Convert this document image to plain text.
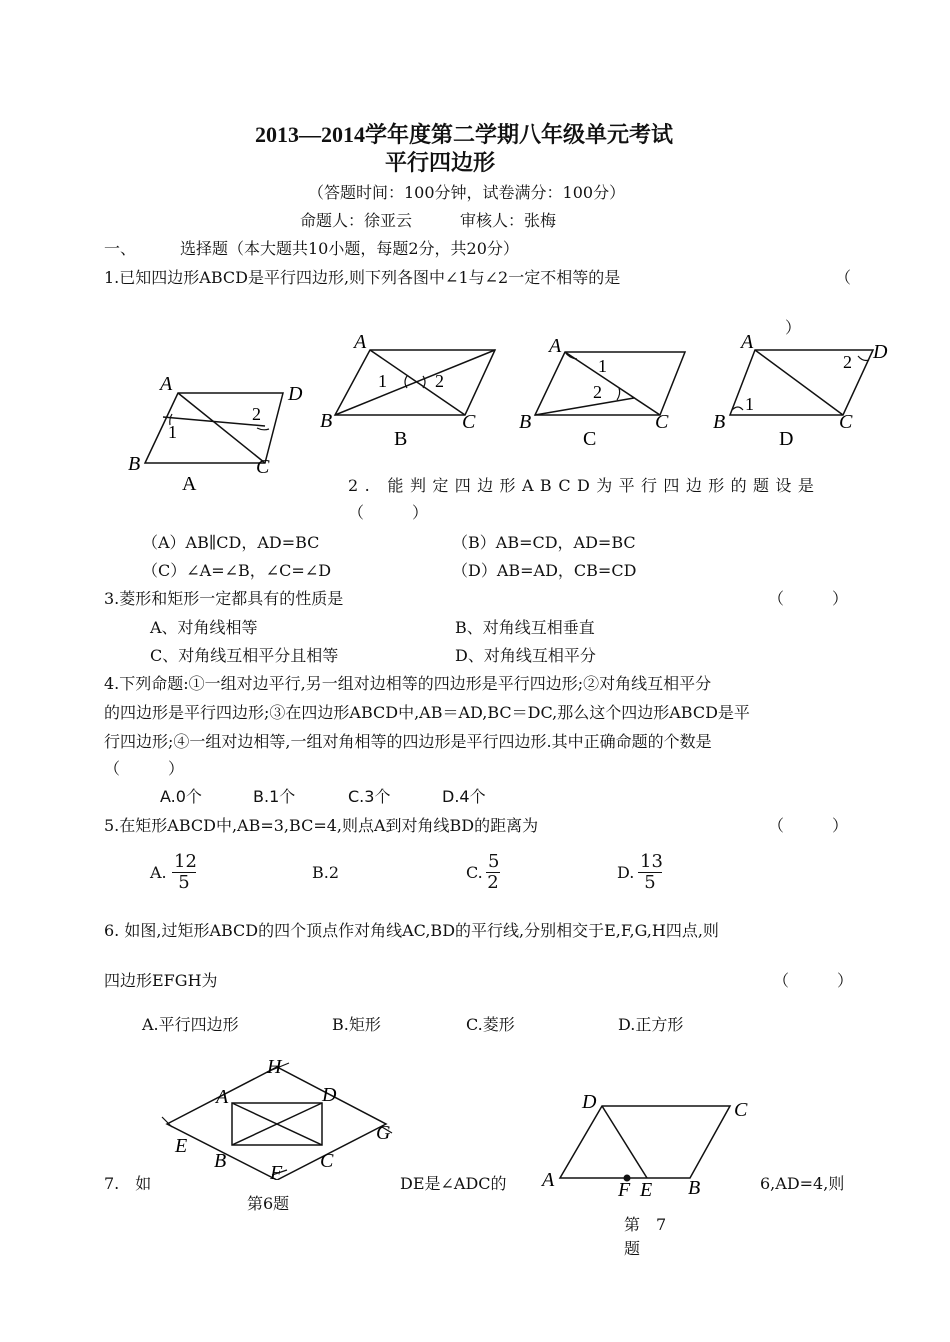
2013—2014学年度第二学期八年级单元考试
平行四边形
（答题时间：100分钟，试卷满分：100分）
命题人：徐亚云　　　审核人：张梅
一、	选择题（本大题共10小题，每题2分，共20分）
1.已知四边形ABCD是平行四边形,则下列各图中∠1与∠2一定不相等的是	（
）
A	D
B	C
1
2
A
A
B	C
1	2
B
A
B	C
1
2
C
A	D
B	C
1
2
D
2. 能判定四边形ABCD为平行四边形的题设是
（　　　）
（A）AB∥CD，AD=BC	（B）AB=CD，AD=BC
（C）∠A=∠B，∠C=∠D	（D）AB=AD，CB=CD
3.菱形和矩形一定都具有的性质是	（　　　）
A、对角线相等	B、对角线互相垂直
C、对角线互相平分且相等	D、对角线互相平分
4.下列命题:①一组对边平行,另一组对边相等的四边形是平行四边形;②对角线互相平分
的四边形是平行四边形;③在四边形ABCD中,AB＝AD,BC＝DC,那么这个四边形ABCD是平
行四边形;④一组对边相等,一组对角相等的四边形是平行四边形.其中正确命题的个数是
（　　　）
A.0个	B.1个	C.3个	D.4个
5.在矩形ABCD中,AB=3,BC=4,则点A到对角线BD的距离为	（　　　）
A. $\frac{12}{5}$	B.2	C. $\frac{5}{2}$	D. $\frac{13}{5}$
6. 如图,过矩形ABCD的四个顶点作对角线AC,BD的平行线,分别相交于E,F,G,H四点,则
四边形EFGH为	（　　　）
A.平行四边形	B.矩形	C.菱形	D.正方形
H
A	D
E
G
B	C
F
第6题
7.　如	DE是∠ADC的	6,AD=4,则
D	C
A	F E B
第　7
题
